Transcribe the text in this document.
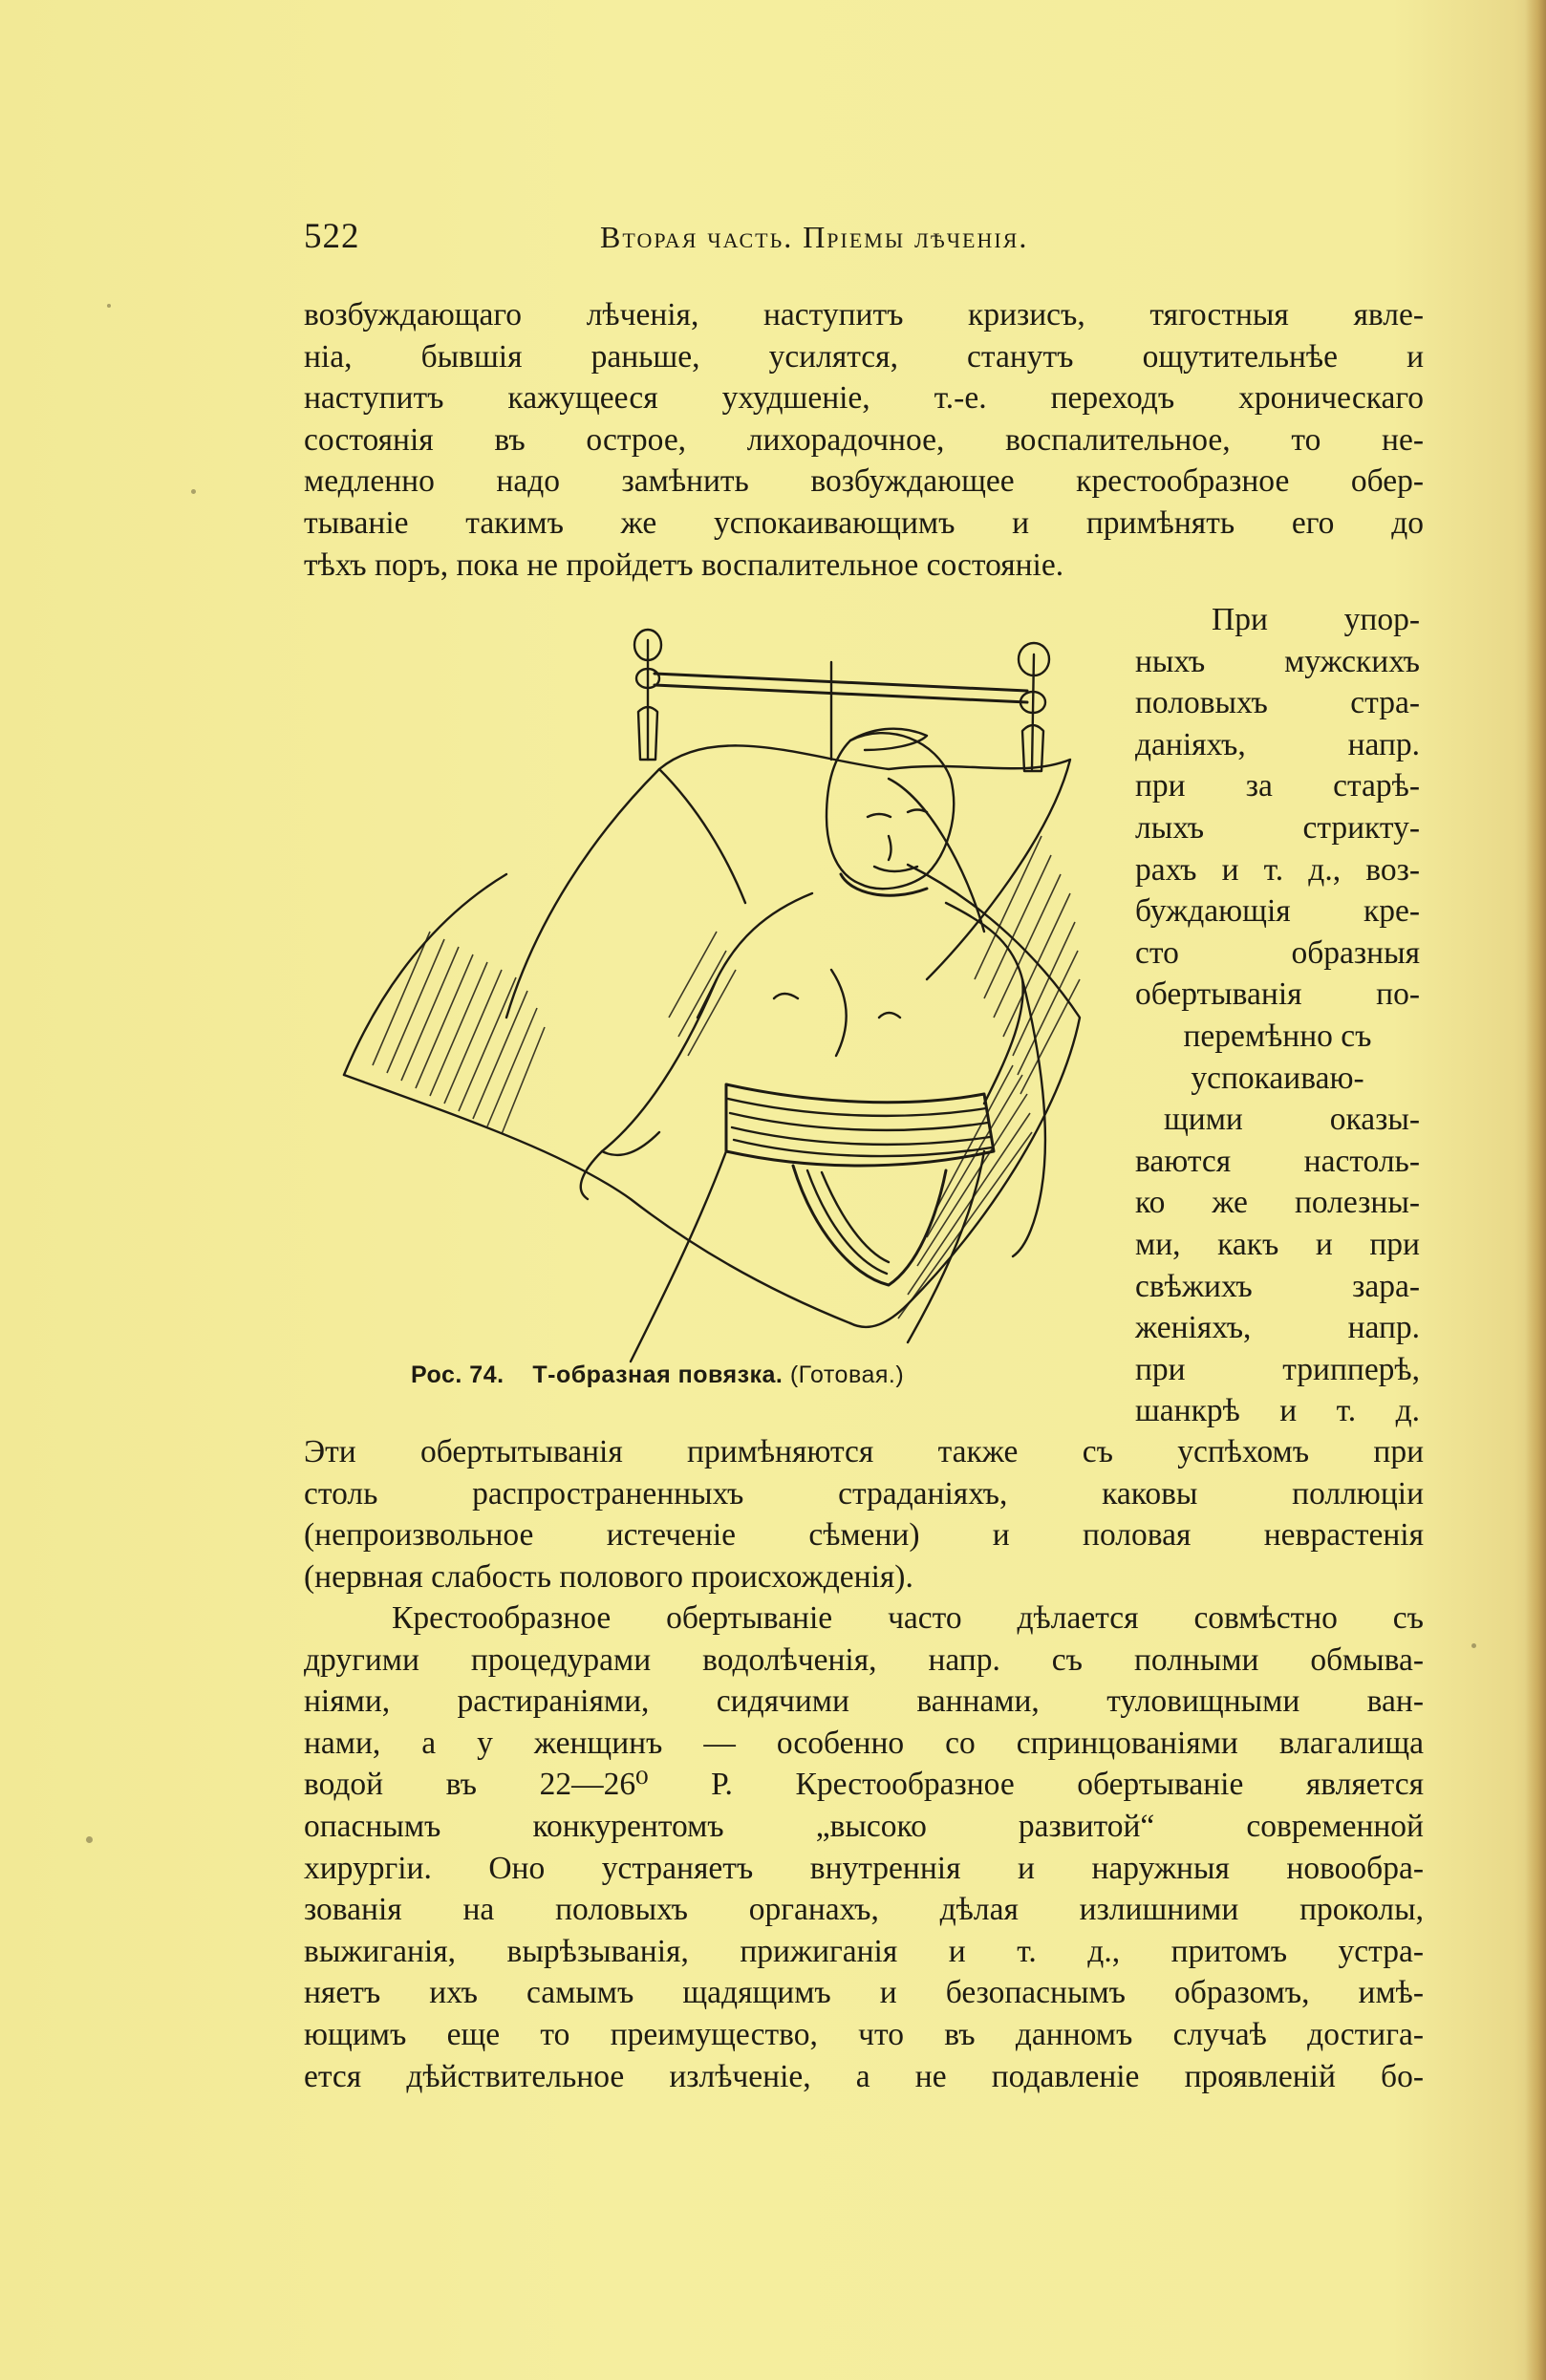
522	Вторая часть. Пріемы лѣченія.
возбуждающаго лѣченія, наступитъ кризисъ, тягостныя явле-
ніа, бывшія раньше, усилятся, станутъ ощутительнѣе и
наступитъ кажущееся ухудшеніе, т.-е. переходъ хроническаго
состоянія въ острое, лихорадочное, воспалительное, то не-
медленно надо замѣнить возбуждающее крестообразное обер-
тываніе такимъ же успокаивающимъ и примѣнять его до
тѣхъ поръ, пока не пройдетъ воспалительное состояніе.
При упор-
ныхъ мужскихъ
половыхъ стра-
даніяхъ, напр.
при за старѣ-
лыхъ стрикту-
рахъ и т. д., воз-
буждающія кре-
сто образныя
обертыванія по-
перемѣнно съ
успокаиваю-
щими оказы-
ваются настоль-
ко же полезны-
ми, какъ и при
свѣжихъ зара-
женіяхъ, напр.
при трипперѣ,
шанкрѣ и т. д.
Рос. 74. Т-образная повязка. (Готовая.)
Эти обертытыванія примѣняются также съ успѣхомъ при
столь распространенныхъ страданіяхъ, каковы поллюціи
(непроизвольное истеченіе сѣмени) и половая неврастенія
(нервная слабость полового происхожденія).
Крестообразное обертываніе часто дѣлается совмѣстно съ
другими процедурами водолѣченія, напр. съ полными обмыва-
ніями, растираніями, сидячими ваннами, туловищными ван-
нами, а у женщинъ — особенно со спринцованіями влагалища
водой въ 22—26⁰ Р. Крестообразное обертываніе является
опаснымъ конкурентомъ „высоко развитой“ современной
хирургіи. Оно устраняетъ внутреннія и наружныя новообра-
зованія на половыхъ органахъ, дѣлая излишними проколы,
выжиганія, вырѣзыванія, прижиганія и т. д., притомъ устра-
няетъ ихъ самымъ щадящимъ и безопаснымъ образомъ, имѣ-
ющимъ еще то преимущество, что въ данномъ случаѣ достига-
ется дѣйствительное излѣченіе, а не подавленіе проявленій бо-
